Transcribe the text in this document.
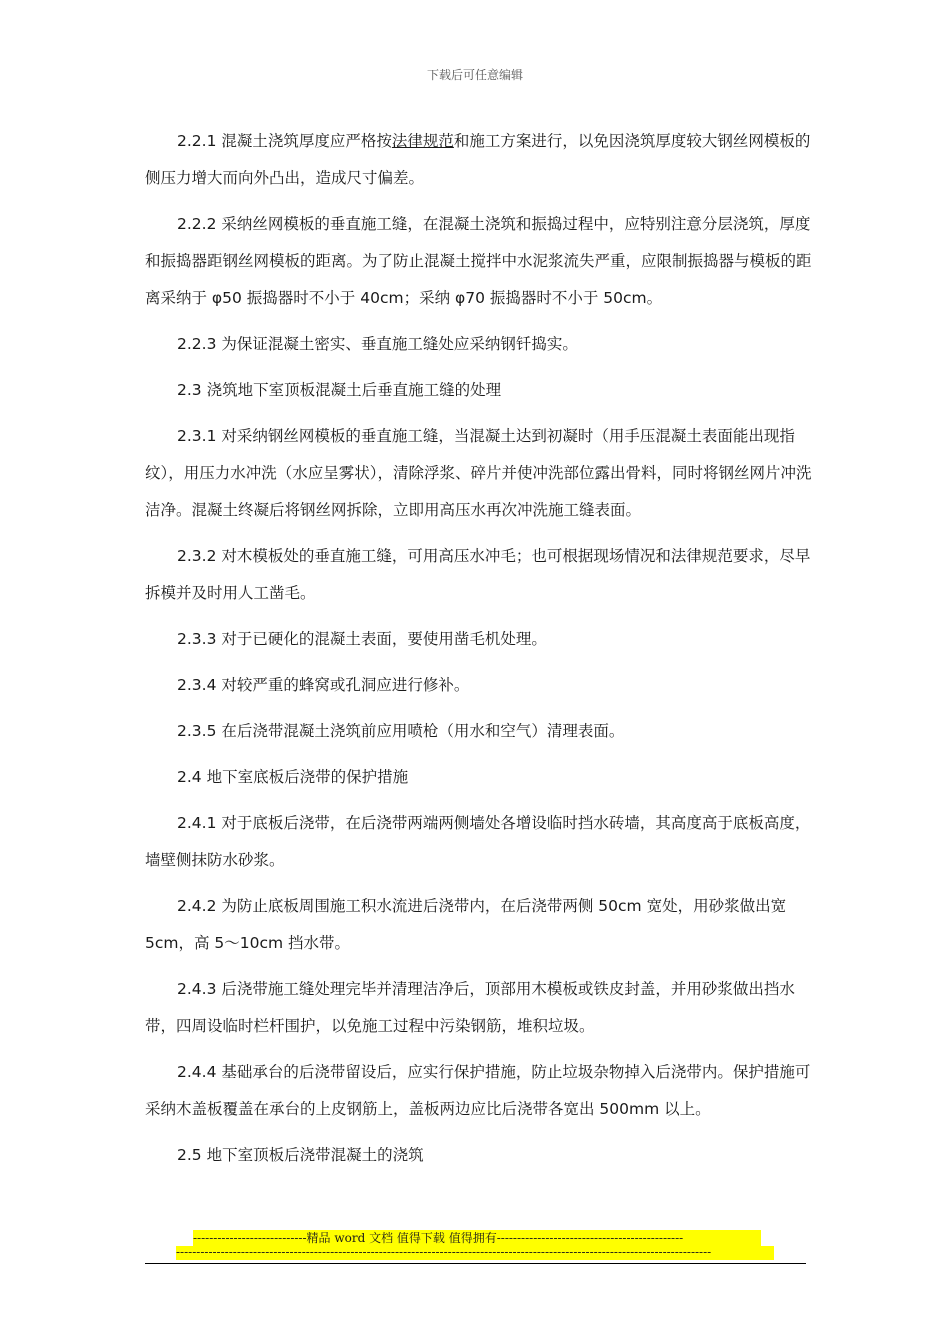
下载后可任意编辑

2.2.1 混凝土浇筑厚度应严格按法律规范和施工方案进行，以免因浇筑厚度较大钢丝网模板的侧压力增大而向外凸出，造成尺寸偏差。

2.2.2 采纳丝网模板的垂直施工缝，在混凝土浇筑和振捣过程中，应特别注意分层浇筑，厚度和振捣器距钢丝网模板的距离。为了防止混凝土搅拌中水泥浆流失严重，应限制振捣器与模板的距离采纳于 φ50 振捣器时不小于 40cm；采纳 φ70 振捣器时不小于 50cm。

2.2.3 为保证混凝土密实、垂直施工缝处应采纳钢钎捣实。

2.3 浇筑地下室顶板混凝土后垂直施工缝的处理

2.3.1 对采纳钢丝网模板的垂直施工缝，当混凝土达到初凝时（用手压混凝土表面能出现指纹），用压力水冲洗（水应呈雾状），清除浮浆、碎片并使冲洗部位露出骨料，同时将钢丝网片冲洗洁净。混凝土终凝后将钢丝网拆除，立即用高压水再次冲洗施工缝表面。

2.3.2 对木模板处的垂直施工缝，可用高压水冲毛；也可根据现场情况和法律规范要求，尽早拆模并及时用人工凿毛。

2.3.3 对于已硬化的混凝土表面，要使用凿毛机处理。

2.3.4 对较严重的蜂窝或孔洞应进行修补。

2.3.5 在后浇带混凝土浇筑前应用喷枪（用水和空气）清理表面。

2.4 地下室底板后浇带的保护措施

2.4.1 对于底板后浇带，在后浇带两端两侧墙处各增设临时挡水砖墙，其高度高于底板高度，墙壁侧抹防水砂浆。

2.4.2 为防止底板周围施工积水流进后浇带内，在后浇带两侧 50cm 宽处，用砂浆做出宽 5cm，高 5～10cm 挡水带。

2.4.3 后浇带施工缝处理完毕并清理洁净后，顶部用木模板或铁皮封盖，并用砂浆做出挡水带，四周设临时栏杆围护，以免施工过程中污染钢筋，堆积垃圾。

2.4.4 基础承台的后浇带留设后，应实行保护措施，防止垃圾杂物掉入后浇带内。保护措施可采纳木盖板覆盖在承台的上皮钢筋上，盖板两边应比后浇带各宽出 500mm 以上。

2.5 地下室顶板后浇带混凝土的浇筑

----------------------------精品 word 文档 值得下载 值得拥有----------------------------------------------
------------------------------------------------------------------------------------------------------------------------------------
